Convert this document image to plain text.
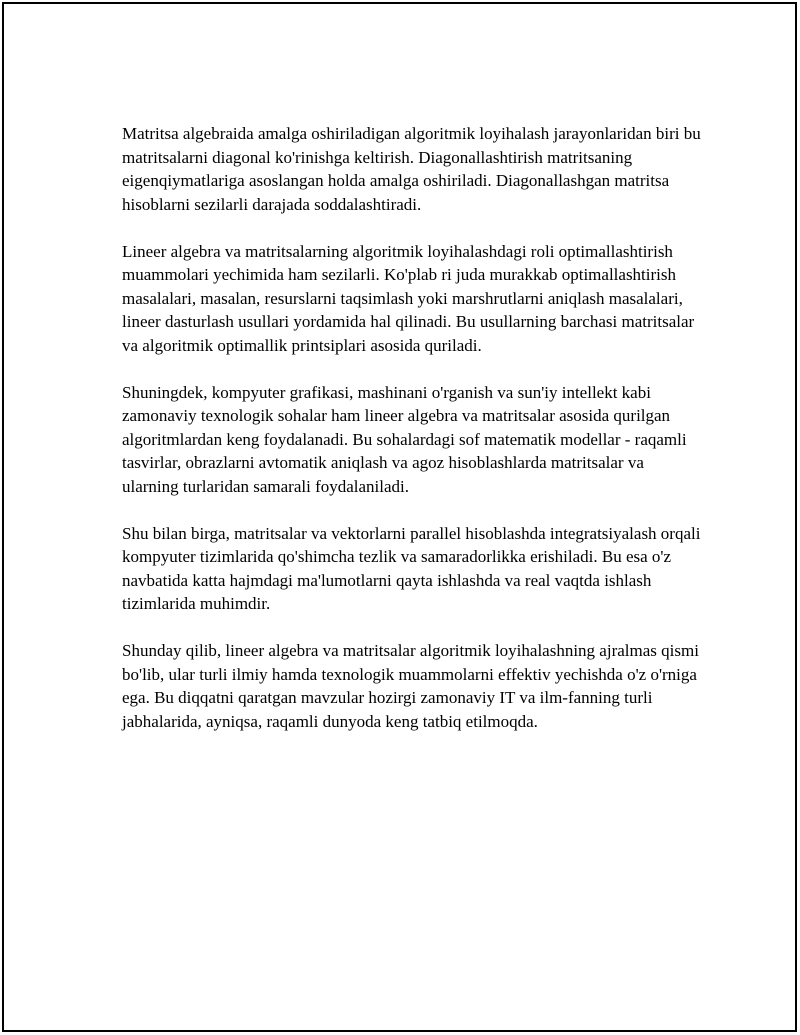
Matritsa algebraida amalga oshiriladigan algoritmik loyihalash jarayonlaridan biri bu matritsalarni diagonal ko'rinishga keltirish. Diagonallashtirish matritsaning eigenqiymatlariga asoslangan holda amalga oshiriladi. Diagonallashgan matritsa hisoblarni sezilarli darajada soddalashtiradi.

Lineer algebra va matritsalarning algoritmik loyihalashdagi roli optimallashtirish muammolari yechimida ham sezilarli. Ko'plab ri juda murakkab optimallashtirish masalalari, masalan, resurslarni taqsimlash yoki marshrutlarni aniqlash masalalari, lineer dasturlash usullari yordamida hal qilinadi. Bu usullarning barchasi matritsalar va algoritmik optimallik printsiplari asosida quriladi.

Shuningdek, kompyuter grafikasi, mashinani o'rganish va sun'iy intellekt kabi zamonaviy texnologik sohalar ham lineer algebra va matritsalar asosida qurilgan algoritmlardan keng foydalanadi. Bu sohalardagi sof matematik modellar - raqamli tasvirlar, obrazlarni avtomatik aniqlash va agoz hisoblashlarda matritsalar va ularning turlaridan samarali foydalaniladi.

Shu bilan birga, matritsalar va vektorlarni parallel hisoblashda integratsiyalash orqali kompyuter tizimlarida qo'shimcha tezlik va samaradorlikka erishiladi. Bu esa o'z navbatida katta hajmdagi ma'lumotlarni qayta ishlashda va real vaqtda ishlash tizimlarida muhimdir.

Shunday qilib, lineer algebra va matritsalar algoritmik loyihalashning ajralmas qismi bo'lib, ular turli ilmiy hamda texnologik muammolarni effektiv yechishda o'z o'rniga ega. Bu diqqatni qaratgan mavzular hozirgi zamonaviy IT va ilm-fanning turli jabhalarida, ayniqsa, raqamli dunyoda keng tatbiq etilmoqda.
